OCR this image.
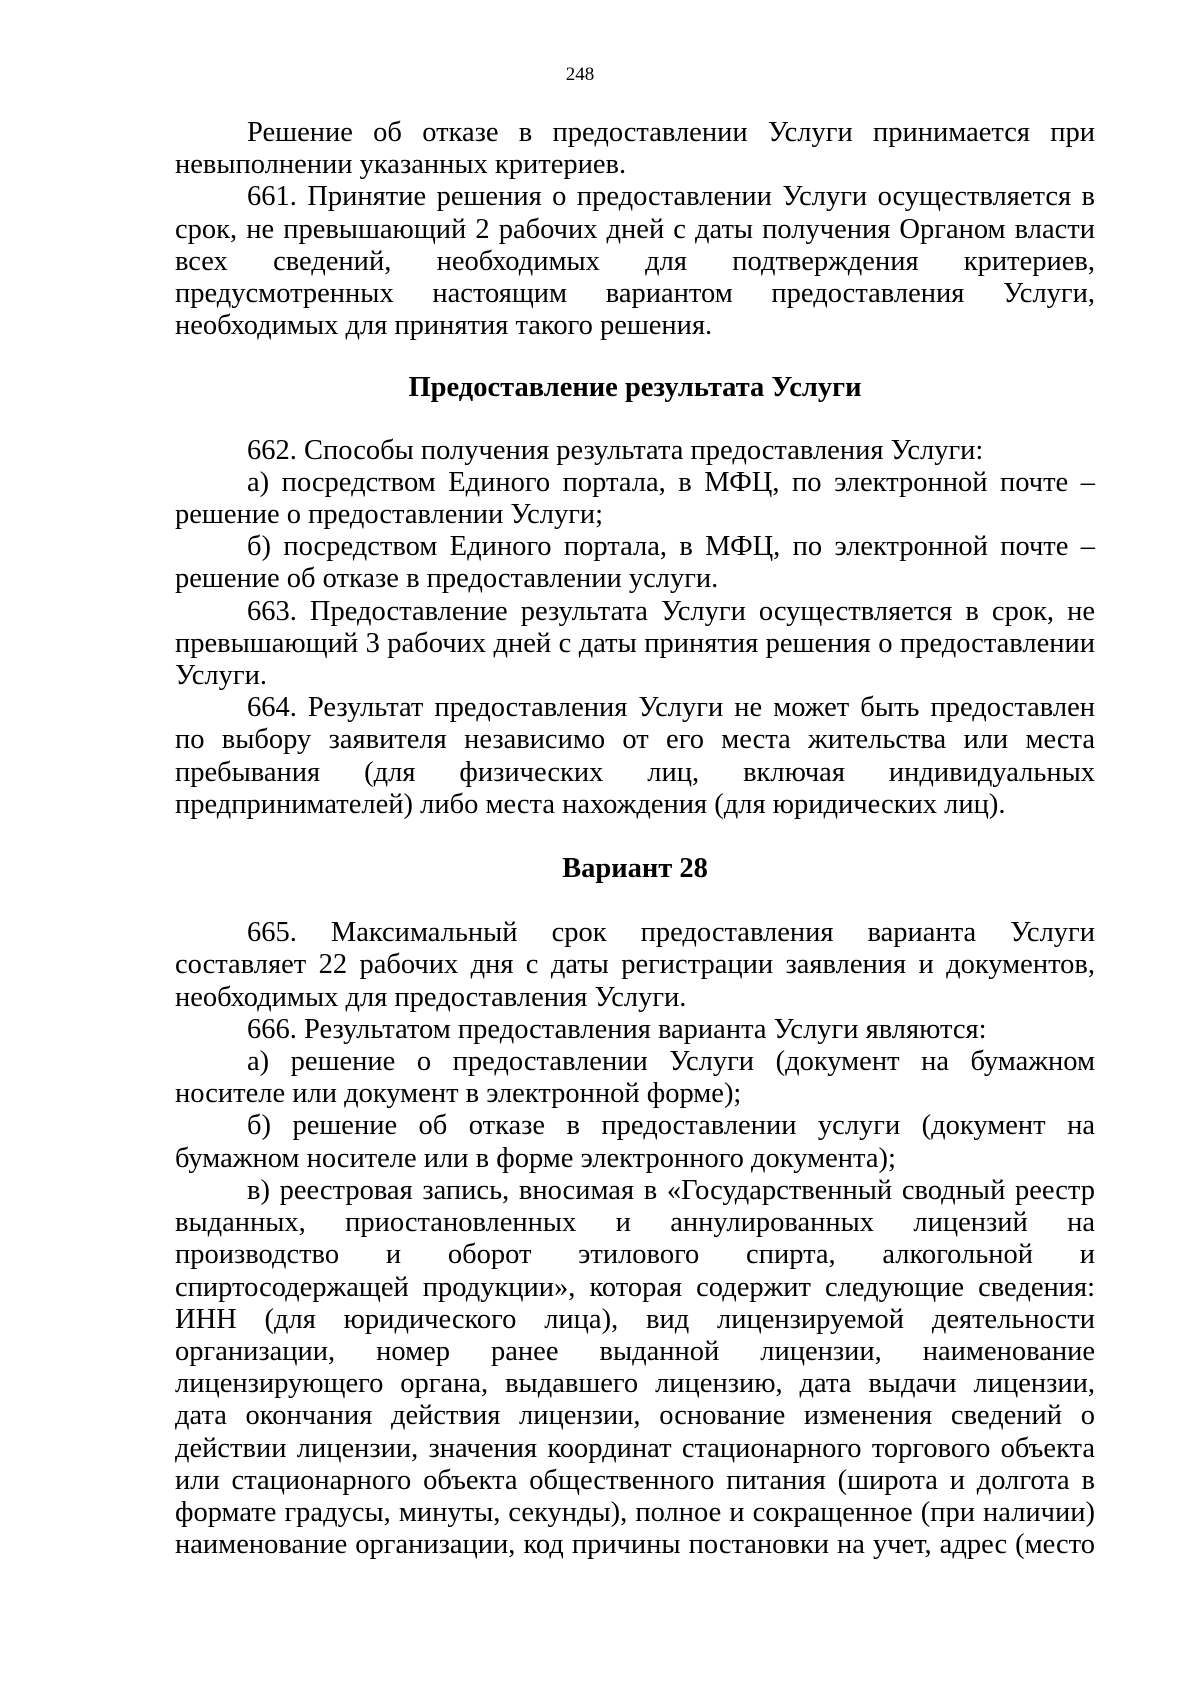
248

Решение об отказе в предоставлении Услуги принимается при невыполнении указанных критериев.

661. Принятие решения о предоставлении Услуги осуществляется в срок, не превышающий 2 рабочих дней с даты получения Органом власти всех сведений, необходимых для подтверждения критериев, предусмотренных настоящим вариантом предоставления Услуги, необходимых для принятия такого решения.

Предоставление результата Услуги

662. Способы получения результата предоставления Услуги:

а) посредством Единого портала, в МФЦ, по электронной почте – решение о предоставлении Услуги;

б) посредством Единого портала, в МФЦ, по электронной почте – решение об отказе в предоставлении услуги.

663. Предоставление результата Услуги осуществляется в срок, не превышающий 3 рабочих дней с даты принятия решения о предоставлении Услуги.

664. Результат предоставления Услуги не может быть предоставлен по выбору заявителя независимо от его места жительства или места пребывания (для физических лиц, включая индивидуальных предпринимателей) либо места нахождения (для юридических лиц).

Вариант 28

665. Максимальный срок предоставления варианта Услуги составляет 22 рабочих дня с даты регистрации заявления и документов, необходимых для предоставления Услуги.

666. Результатом предоставления варианта Услуги являются:

а) решение о предоставлении Услуги (документ на бумажном носителе или документ в электронной форме);

б) решение об отказе в предоставлении услуги (документ на бумажном носителе или в форме электронного документа);

в) реестровая запись, вносимая в «Государственный сводный реестр выданных, приостановленных и аннулированных лицензий на производство и оборот этилового спирта, алкогольной и спиртосодержащей продукции», которая содержит следующие сведения: ИНН (для юридического лица), вид лицензируемой деятельности организации, номер ранее выданной лицензии, наименование лицензирующего органа, выдавшего лицензию, дата выдачи лицензии, дата окончания действия лицензии, основание изменения сведений о действии лицензии, значения координат стационарного торгового объекта или стационарного объекта общественного питания (широта и долгота в формате градусы, минуты, секунды), полное и сокращенное (при наличии) наименование организации, код причины постановки на учет, адрес (место
